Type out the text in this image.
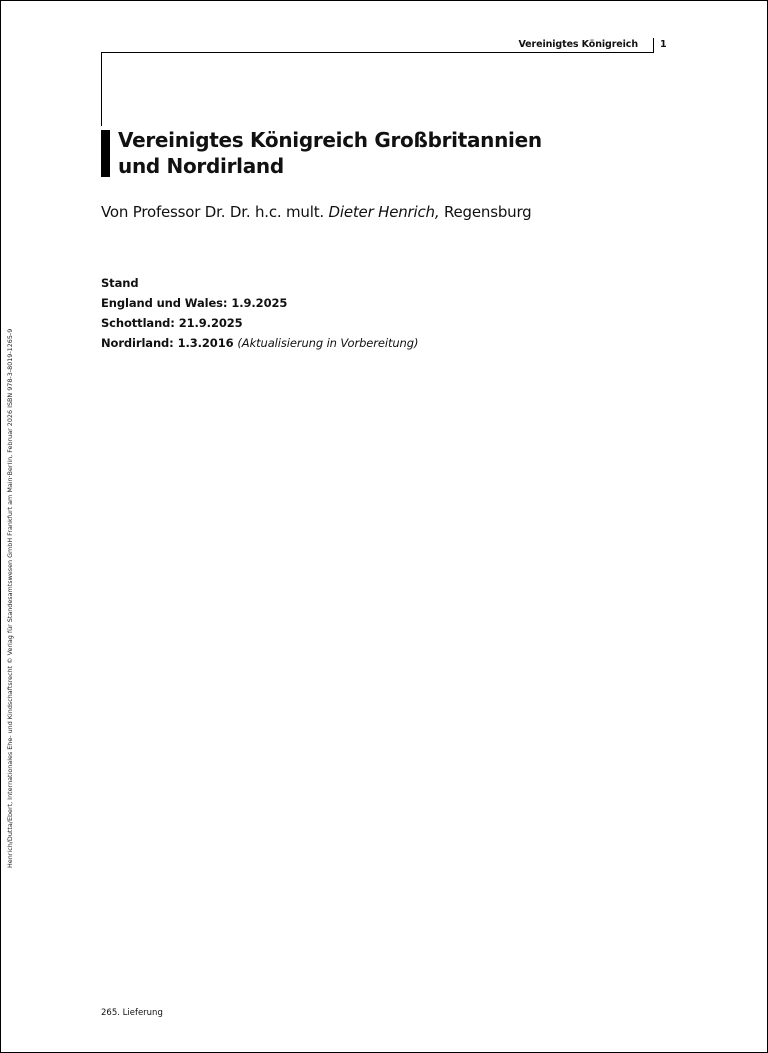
Vereinigtes Königreich 1
Vereinigtes Königreich Großbritannien
und Nordirland
Von Professor Dr. Dr. h.c. mult. Dieter Henrich, Regensburg
Stand
England und Wales: 1.9.2025
Schottland: 21.9.2025
Nordirland: 1.3.2016 (Aktualisierung in Vorbereitung)
Henrich/Dutta/Ebert, Internationales Ehe- und Kindschaftsrecht © Verlag für Standesamtswesen GmbH Frankfurt am Main·Berlin, Februar 2026 ISBN 978-3-8019-1265-9
265. Lieferung
